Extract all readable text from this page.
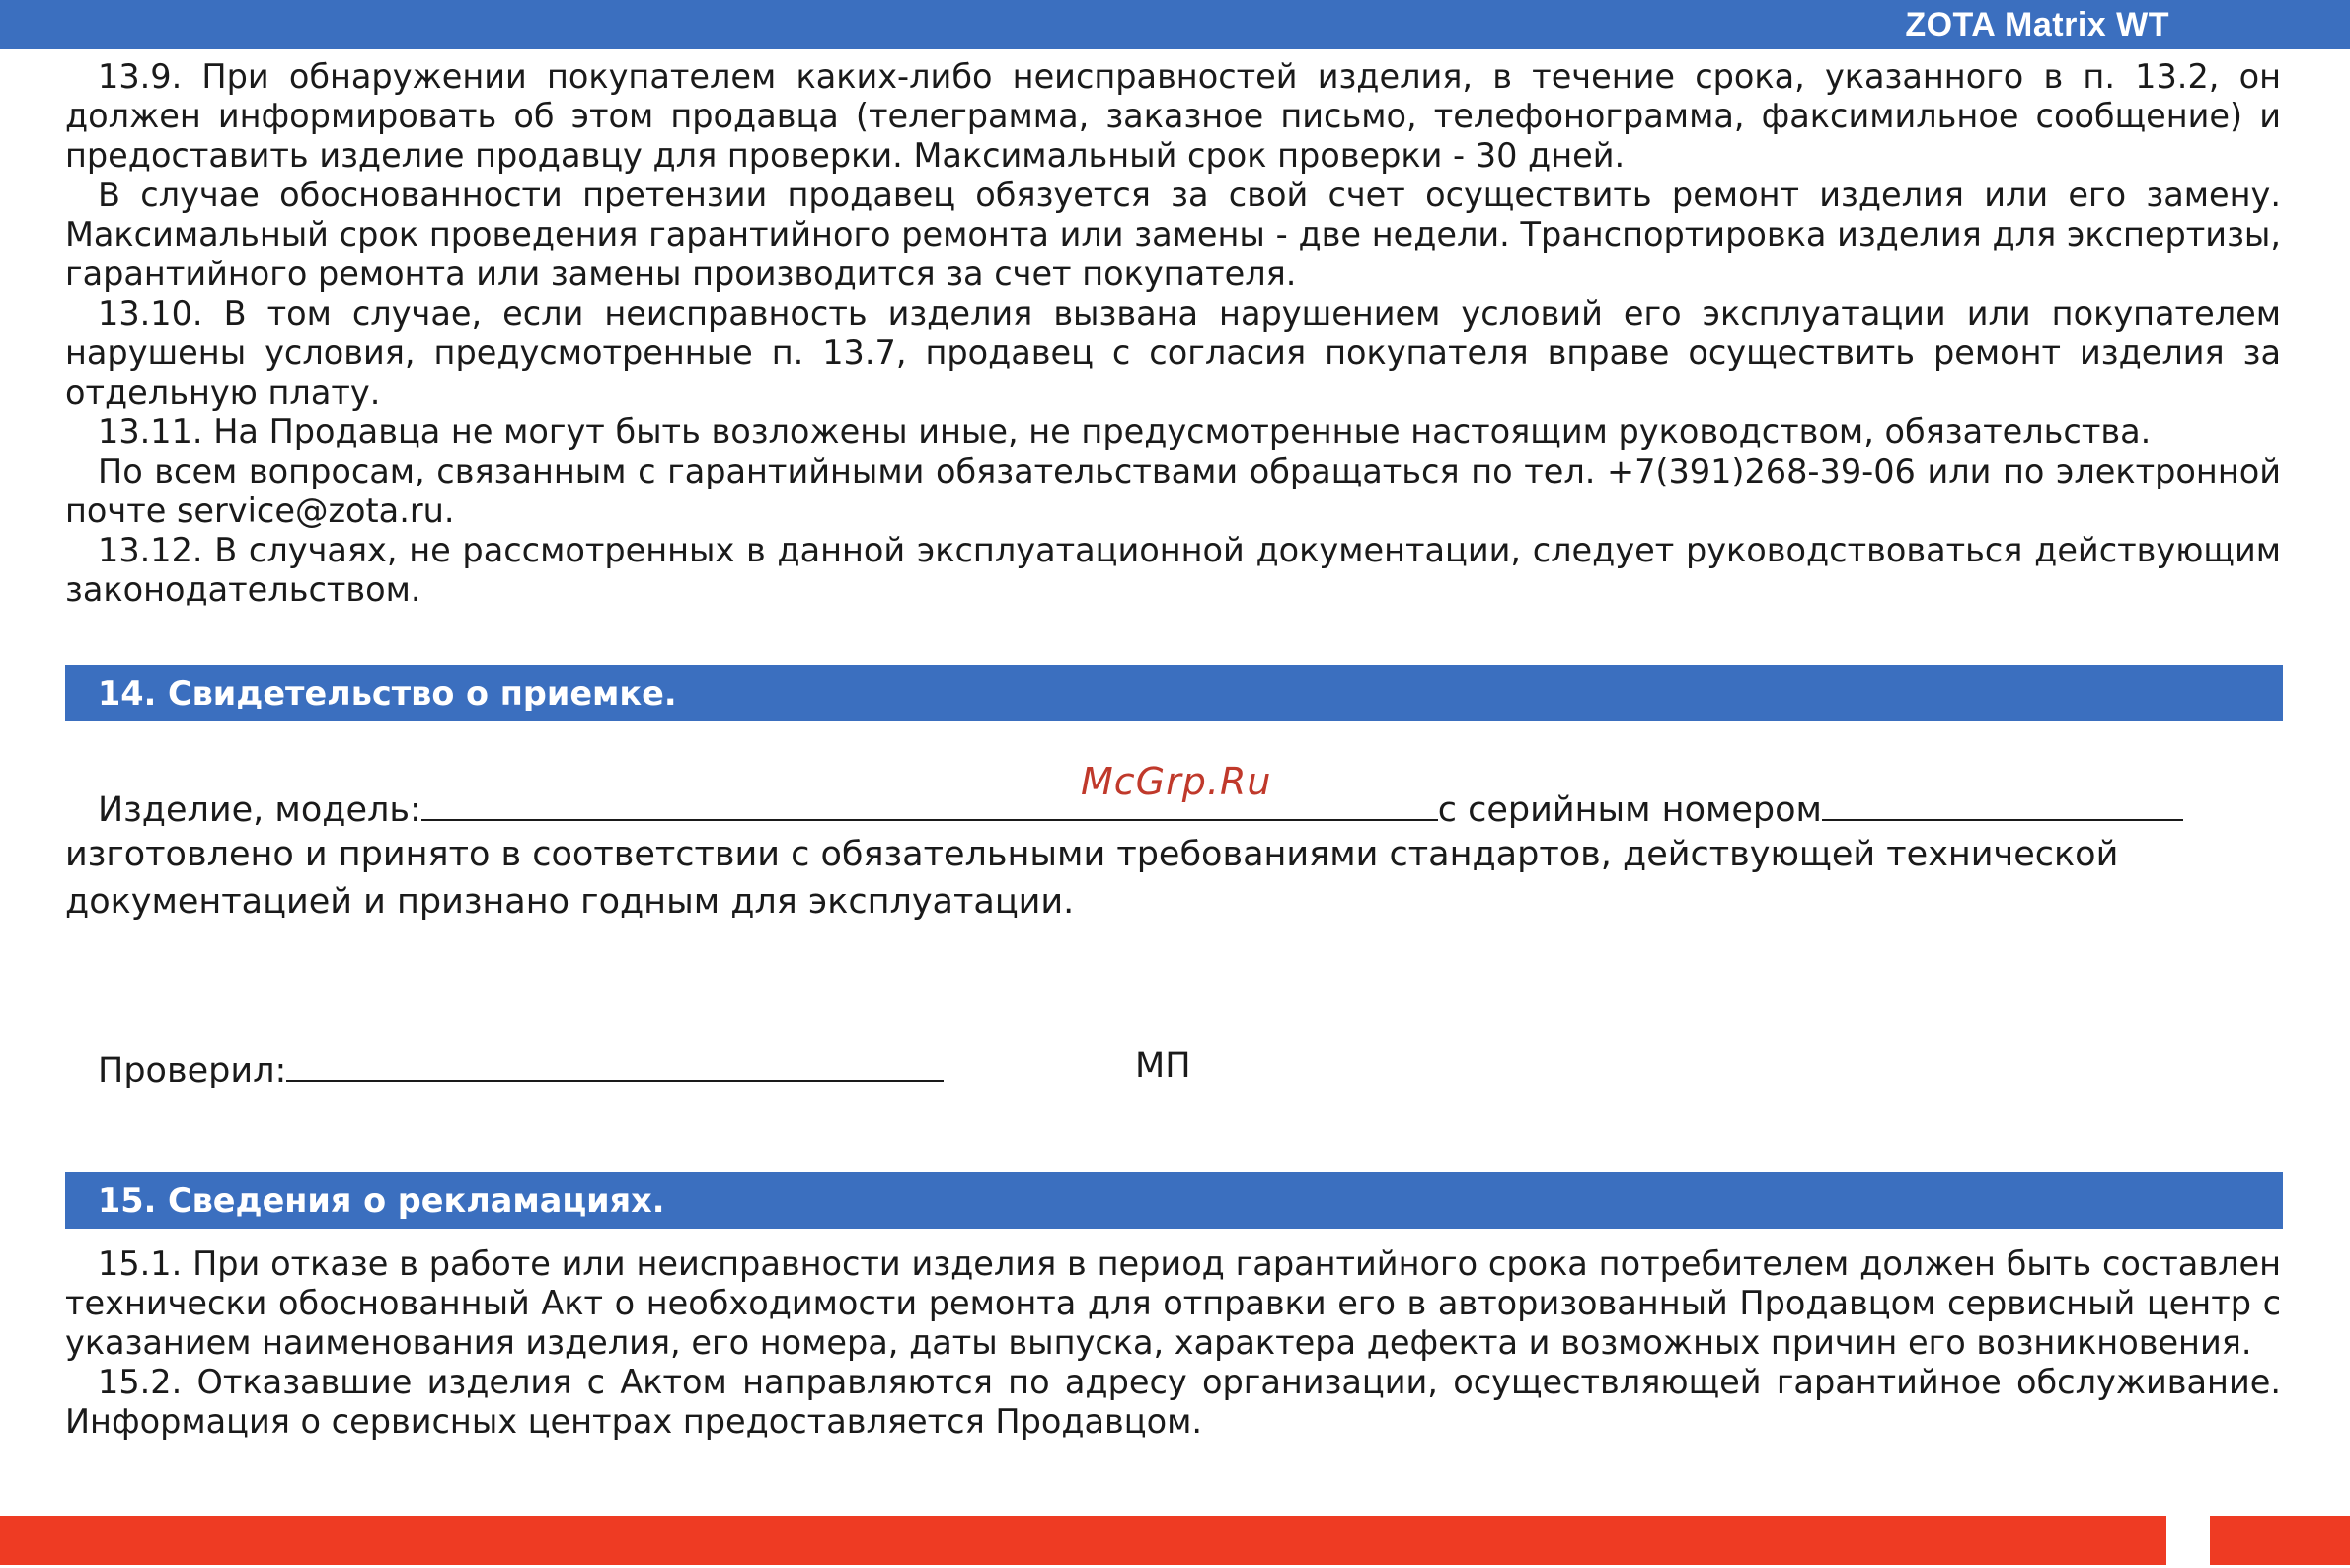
ZOTA Matrix WT

13.9. При обнаружении покупателем каких-либо неисправностей изделия, в течение срока, указанного в п. 13.2, он должен информировать об этом продавца (телеграмма, заказное письмо, телефонограмма, факсимильное сообщение) и предоставить изделие продавцу для проверки. Максимальный срок проверки - 30 дней.

В случае обоснованности претензии продавец обязуется за свой счет осуществить ремонт изделия или его замену. Максимальный срок проведения гарантийного ремонта или замены - две недели. Транспортировка изделия для экспертизы, гарантийного ремонта или замены производится за счет покупателя.

13.10. В том случае, если неисправность изделия вызвана нарушением условий его эксплуатации или покупателем нарушены условия, предусмотренные п. 13.7, продавец с согласия покупателя вправе осуществить ремонт изделия за отдельную плату.

13.11. На Продавца не могут быть возложены иные, не предусмотренные настоящим руководством, обязательства.

По всем вопросам, связанным с гарантийными обязательствами обращаться по тел. +7(391)268-39-06 или по электронной почте service@zota.ru.

13.12. В случаях, не рассмотренных в данной эксплуатационной документации, следует руководствоваться действующим законодательством.

14. Свидетельство о приемке.
McGrp.Ru
Изделие, модель:	с серийным номером
изготовлено и принято в соответствии с обязательными требованиями стандартов, действующей технической
документацией и признано годным для эксплуатации.
Проверил:	МП
15. Сведения о рекламациях.

15.1. При отказе в работе или неисправности изделия в период гарантийного срока потребителем должен быть составлен технически обоснованный Акт о необходимости ремонта для отправки его в авторизованный Продавцом сервисный центр с указанием наименования изделия, его номера, даты выпуска, характера дефекта и возможных причин его возникновения.

15.2. Отказавшие изделия с Актом направляются по адресу организации, осуществляющей гарантийное обслуживание. Информация о сервисных центрах предоставляется Продавцом.
